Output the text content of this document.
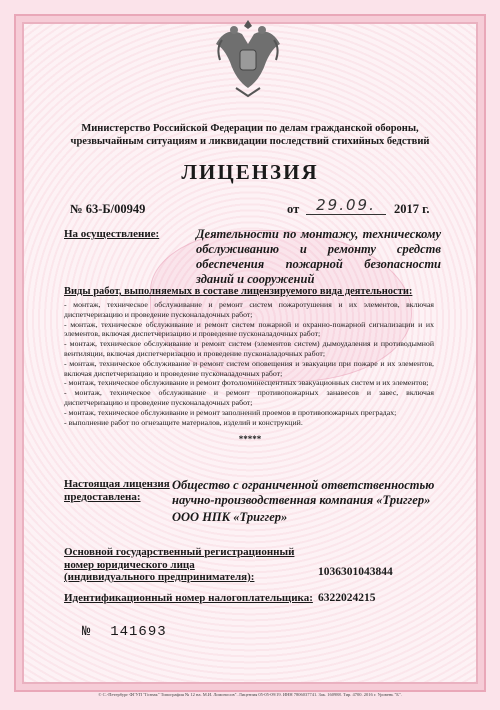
Министерство Российской Федерации по делам гражданской обороны,
чрезвычайным ситуациям и ликвидации последствий стихийных бедствий
ЛИЦЕНЗИЯ
№ 63-Б/00949	от	29.09.	2017 г.
На осуществление:	Деятельности по монтажу, техническому обслуживанию и ремонту средств обеспечения пожарной безопасности зданий и сооружений
Виды работ, выполняемых в составе лицензируемого вида деятельности:
- монтаж, техническое обслуживание и ремонт систем пожаротушения и их элементов, включая диспетчеризацию и проведение пусконаладочных работ;
- монтаж, техническое обслуживание и ремонт систем пожарной и охранно-пожарной сигнализации и их элементов, включая диспетчеризацию и проведение пусконаладочных работ;
- монтаж, техническое обслуживание и ремонт систем (элементов систем) дымоудаления и противодымной вентиляции, включая диспетчеризацию и проведение пусконаладочных работ;
- монтаж, техническое обслуживание и ремонт систем оповещения и эвакуации при пожаре и их элементов, включая диспетчеризацию и проведение пусконаладочных работ;
- монтаж, техническое обслуживание и ремонт фотолюминесцентных эвакуационных систем и их элементов;
- монтаж, техническое обслуживание и ремонт противопожарных занавесов и завес, включая диспетчеризацию и проведение пусконаладочных работ;
- монтаж, техническое обслуживание и ремонт заполнений проемов в противопожарных преградах;
- выполнение работ по огнезащите материалов, изделий и конструкций.
*****
Настоящая лицензия
предоставлена:
Общество с ограниченной ответственностью научно-производственная компания «Триггер»
ООО НПК «Триггер»
Основной государственный регистрационный
номер юридического лица
(индивидуального предпринимателя):	1036301043844
Идентификационный номер налогоплательщика: 6322024215
№ 141693
© С.-Петербург ФГУП "Гознак" Типография № 12 на. М.И. Ломоносов". Лицензия 05-05-09/19. ИНН 7806037741. Зак. 160988. Тир. 4700. 2016 г. Уровень "Б".
